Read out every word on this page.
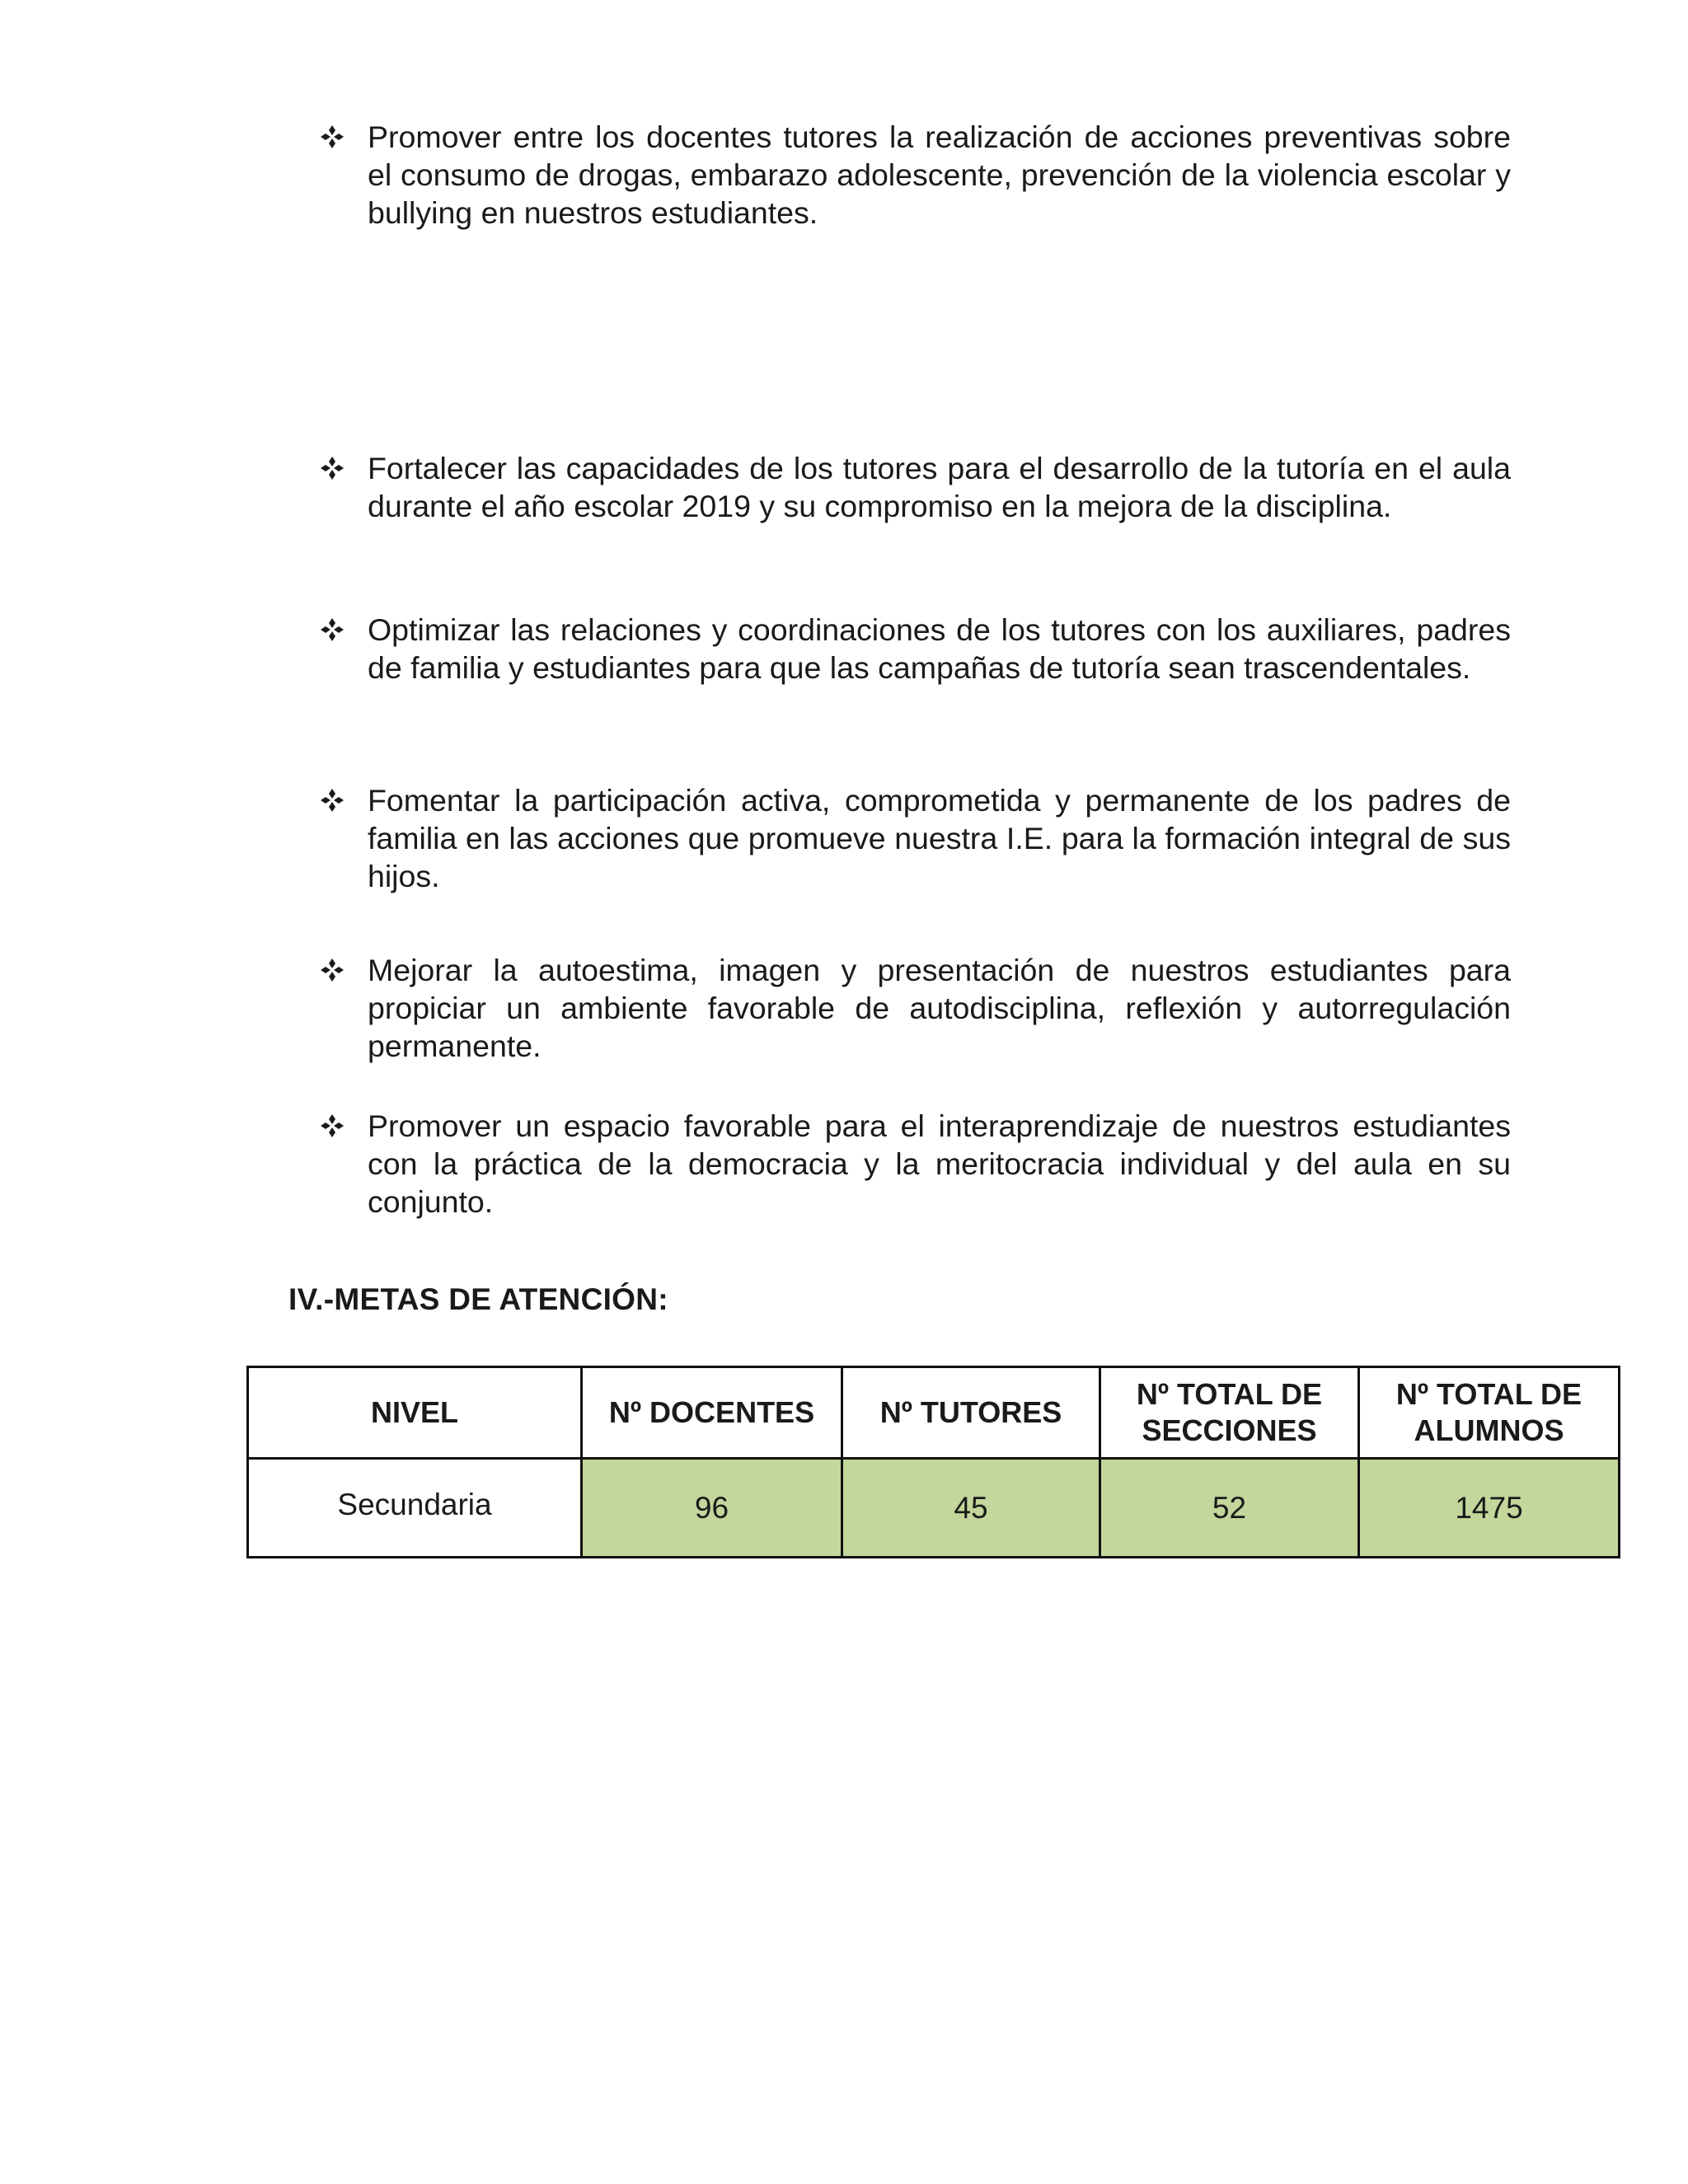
Promover entre los docentes tutores la realización de acciones preventivas sobre el consumo de drogas, embarazo adolescente, prevención de la violencia escolar y bullying en nuestros estudiantes.
Fortalecer las capacidades de los tutores para el desarrollo de la tutoría en el aula durante el año escolar 2019 y su compromiso en la mejora de la disciplina.
Optimizar las relaciones y coordinaciones de los tutores con los auxiliares, padres de familia y estudiantes para que las campañas de tutoría sean trascendentales.
Fomentar la participación activa, comprometida y permanente de los padres de familia en las acciones que promueve nuestra I.E. para la formación integral de sus hijos.
Mejorar la autoestima, imagen y presentación de nuestros estudiantes para propiciar un ambiente favorable de autodisciplina, reflexión y autorregulación permanente.
Promover un espacio favorable para el interaprendizaje de nuestros estudiantes con la práctica de la democracia y la meritocracia individual y del aula en su conjunto.
IV.-METAS DE ATENCIÓN:
NIVEL	Nº DOCENTES	Nº TUTORES	Nº TOTAL DE SECCIONES	Nº TOTAL DE ALUMNOS
Secundaria	96	45	52	1475
